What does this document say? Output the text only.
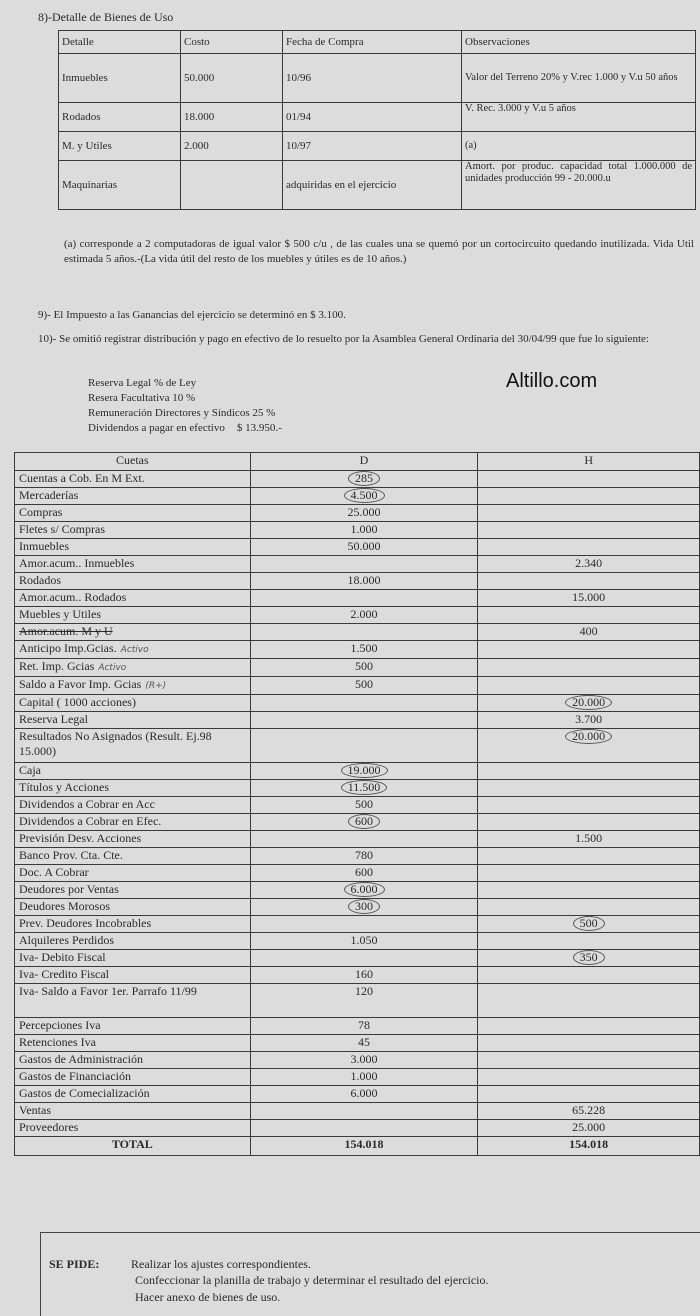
8)-Detalle de Bienes de Uso
Detalle	Costo	Fecha de Compra	Observaciones
Inmuebles	50.000	10/96	Valor del Terreno 20% y V.rec 1.000 y V.u 50 años
Rodados	18.000	01/94	V. Rec. 3.000 y V.u 5 años
M. y Utiles	2.000	10/97	(a)
Maquinarias		adquiridas en el ejercicio	Amort. por produc. capacidad total 1.000.000 de unidades producción 99 - 20.000.u
(a) corresponde a 2 computadoras de igual valor $ 500 c/u , de las cuales una se quemó por un cortocircuito quedando inutilizada. Vida Util estimada 5 años.-(La vida útil del resto de los muebles y útiles es de 10 años.)
9)- El Impuesto a las Ganancias del ejercicio se determinó en $ 3.100.
10)- Se omitió registrar distribución y pago en efectivo de lo resuelto por la Asamblea General Ordinaria del 30/04/99 que fue lo siguiente:
Reserva Legal % de Ley
Resera Facultativa 10 %
Remuneración Directores y Síndicos 25 %
Dividendos a pagar en efectivo $ 13.950.-
Altillo.com
Cuetas	D	H
Cuentas a Cob. En M Ext.	285	
Mercaderías	4.500	
Compras	25.000	
Fletes s/ Compras	1.000	
Inmuebles	50.000	
Amor.acum.. Inmuebles		2.340
Rodados	18.000	
Amor.acum.. Rodados		15.000
Muebles y Utiles	2.000	
Amor.acum. M y U		400
Anticipo Imp.Gcias. Activo	1.500	
Ret. Imp. Gcias Activo	500	
Saldo a Favor Imp. Gcias (R+)	500	
Capital ( 1000 acciones)		20.000
Reserva Legal		3.700
Resultados No Asignados (Result. Ej.98 15.000)		20.000
Caja	19.000	
Títulos y Acciones	11.500	
Dividendos a Cobrar en Acc	500	
Dividendos a Cobrar en Efec.	600	
Previsión Desv. Acciones		1.500
Banco Prov. Cta. Cte.	780	
Doc. A Cobrar	600	
Deudores por Ventas	6.000	
Deudores Morosos	300	
Prev. Deudores Incobrables		500
Alquileres Perdidos	1.050	
Iva- Debito Fiscal		350
Iva- Credito Fiscal	160	
Iva- Saldo a Favor 1er. Parrafo 11/99	120	
Percepciones Iva	78	
Retenciones Iva	45	
Gastos de Administración	3.000	
Gastos de Financiación	1.000	
Gastos de Comecialización	6.000	
Ventas		65.228
Proveedores		25.000
TOTAL	154.018	154.018
SE PIDE:	Realizar los ajustes correspondientes.
Confeccionar la planilla de trabajo y determinar el resultado del ejercicio.
Hacer anexo de bienes de uso.
